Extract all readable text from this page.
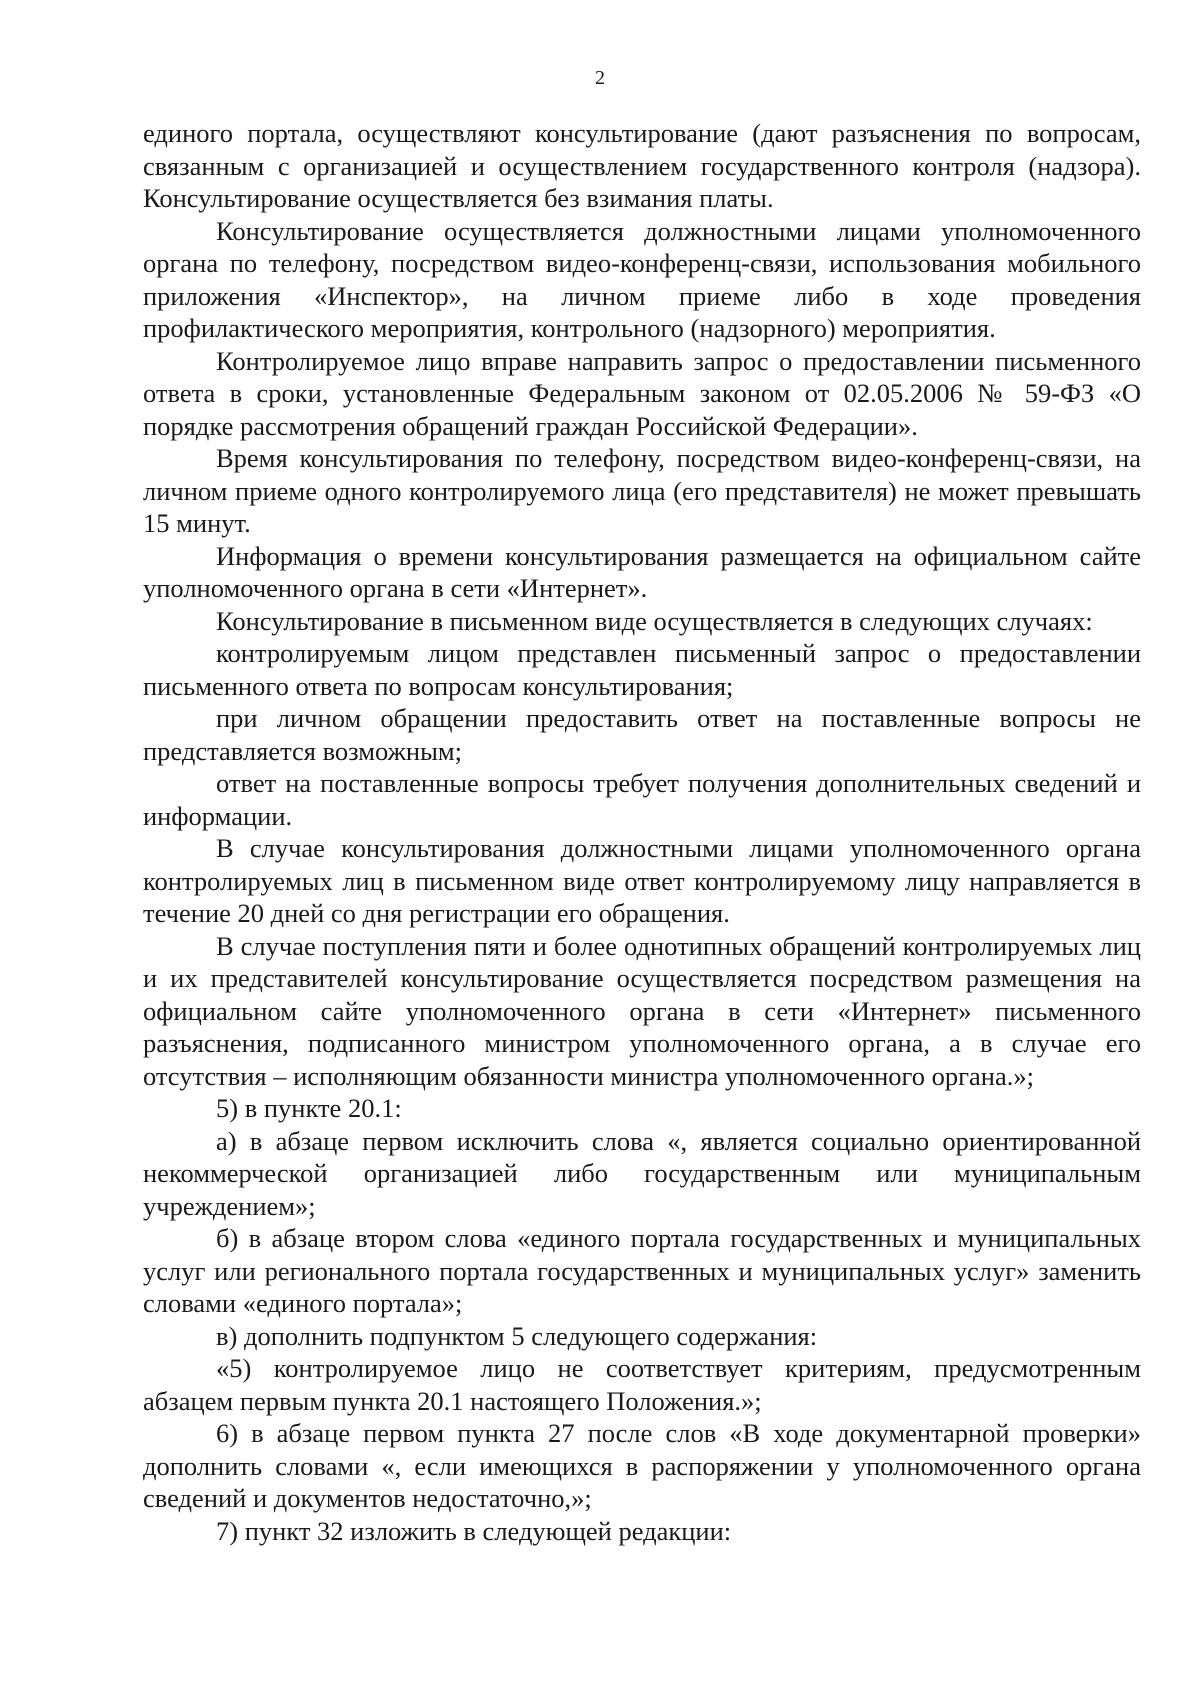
2

единого портала, осуществляют консультирование (дают разъяснения по вопросам, связанным с организацией и осуществлением государственного контроля (надзора). Консультирование осуществляется без взимания платы.

Консультирование осуществляется должностными лицами уполномоченного органа по телефону, посредством видео-конференц-связи, использования мобильного приложения «Инспектор», на личном приеме либо в ходе проведения профилактического мероприятия, контрольного (надзорного) мероприятия.

Контролируемое лицо вправе направить запрос о предоставлении письменного ответа в сроки, установленные Федеральным законом от 02.05.2006 № 59-ФЗ «О порядке рассмотрения обращений граждан Российской Федерации».

Время консультирования по телефону, посредством видео-конференц-связи, на личном приеме одного контролируемого лица (его представителя) не может превышать 15 минут.

Информация о времени консультирования размещается на официальном сайте уполномоченного органа в сети «Интернет».

Консультирование в письменном виде осуществляется в следующих случаях:

контролируемым лицом представлен письменный запрос о предоставлении письменного ответа по вопросам консультирования;

при личном обращении предоставить ответ на поставленные вопросы не представляется возможным;

ответ на поставленные вопросы требует получения дополнительных сведений и информации.

В случае консультирования должностными лицами уполномоченного органа контролируемых лиц в письменном виде ответ контролируемому лицу направляется в течение 20 дней со дня регистрации его обращения.

В случае поступления пяти и более однотипных обращений контролируемых лиц и их представителей консультирование осуществляется посредством размещения на официальном сайте уполномоченного органа в сети «Интернет» письменного разъяснения, подписанного министром уполномоченного органа, а в случае его отсутствия – исполняющим обязанности министра уполномоченного органа.»;

5) в пункте 20.1:

а) в абзаце первом исключить слова «, является социально ориентированной некоммерческой организацией либо государственным или муниципальным учреждением»;

б) в абзаце втором слова «единого портала государственных и муниципальных услуг или регионального портала государственных и муниципальных услуг» заменить словами «единого портала»;

в) дополнить подпунктом 5 следующего содержания:

«5) контролируемое лицо не соответствует критериям, предусмотренным абзацем первым пункта 20.1 настоящего Положения.»;

6) в абзаце первом пункта 27 после слов «В ходе документарной проверки» дополнить словами «, если имеющихся в распоряжении у уполномоченного органа сведений и документов недостаточно,»;

7) пункт 32 изложить в следующей редакции:
